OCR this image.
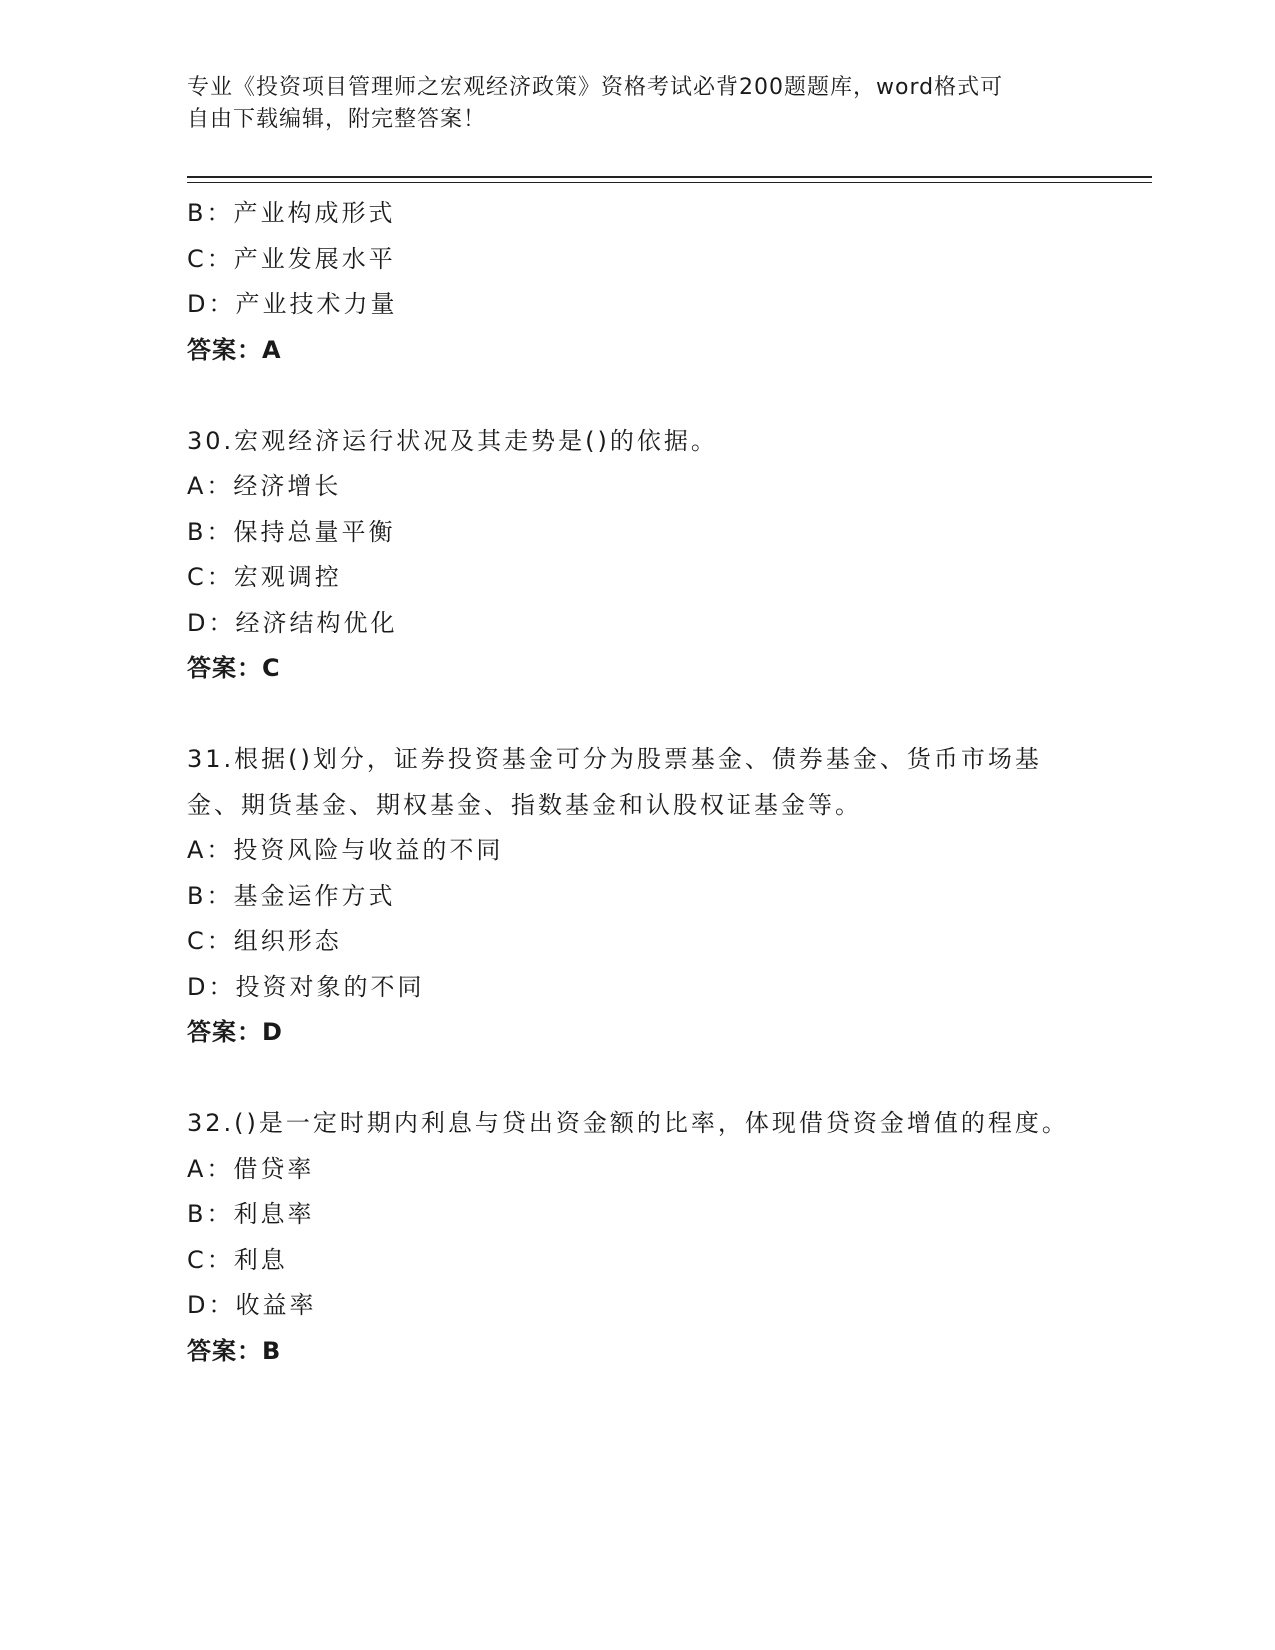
专业《投资项目管理师之宏观经济政策》资格考试必背200题题库，word格式可
自由下载编辑，附完整答案！
B：产业构成形式
C：产业发展水平
D：产业技术力量
答案：A
30.宏观经济运行状况及其走势是()的依据。
A：经济增长
B：保持总量平衡
C：宏观调控
D：经济结构优化
答案：C
31.根据()划分，证券投资基金可分为股票基金、债券基金、货币市场基金、期货基金、期权基金、指数基金和认股权证基金等。
A：投资风险与收益的不同
B：基金运作方式
C：组织形态
D：投资对象的不同
答案：D
32.()是一定时期内利息与贷出资金额的比率，体现借贷资金增值的程度。
A：借贷率
B：利息率
C：利息
D：收益率
答案：B
